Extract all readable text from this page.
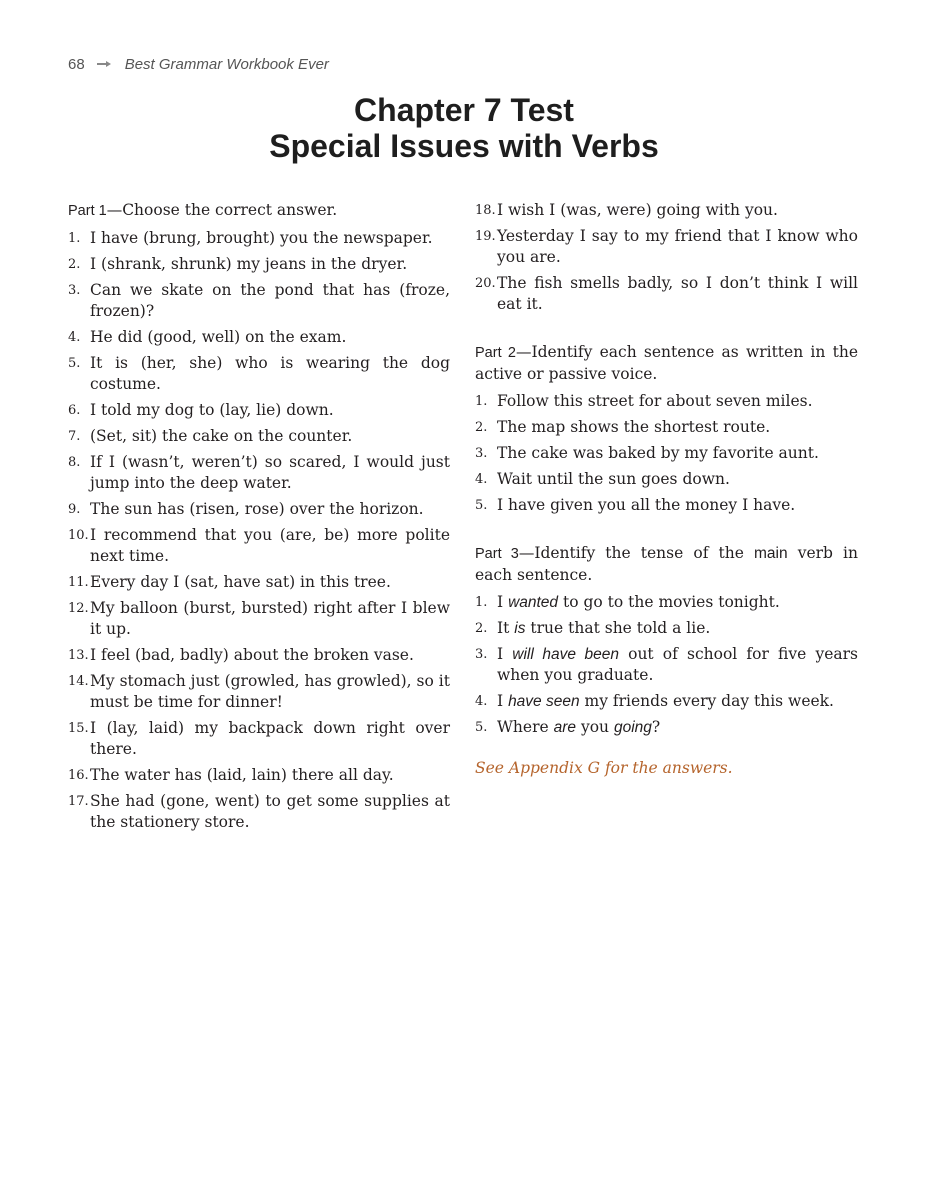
68	Best Grammar Workbook Ever
Chapter 7 Test
Special Issues with Verbs

Part 1—Choose the correct answer.

1. I have (brung, brought) you the newspaper.
2. I (shrank, shrunk) my jeans in the dryer.
3. Can we skate on the pond that has (froze, frozen)?
4. He did (good, well) on the exam.
5. It is (her, she) who is wearing the dog costume.
6. I told my dog to (lay, lie) down.
7. (Set, sit) the cake on the counter.
8. If I (wasn’t, weren’t) so scared, I would just jump into the deep water.
9. The sun has (risen, rose) over the horizon.
10. I recommend that you (are, be) more polite next time.
11. Every day I (sat, have sat) in this tree.
12. My balloon (burst, bursted) right after I blew it up.
13. I feel (bad, badly) about the broken vase.
14. My stomach just (growled, has growled), so it must be time for dinner!
15. I (lay, laid) my backpack down right over there.
16. The water has (laid, lain) there all day.
17. She had (gone, went) to get some supplies at the stationery store.
18. I wish I (was, were) going with you.
19. Yesterday I say to my friend that I know who you are.
20. The fish smells badly, so I don’t think I will eat it.

Part 2—Identify each sentence as written in the active or passive voice.

1. Follow this street for about seven miles.
2. The map shows the shortest route.
3. The cake was baked by my favorite aunt.
4. Wait until the sun goes down.
5. I have given you all the money I have.

Part 3—Identify the tense of the main verb in each sentence.

1. I wanted to go to the movies tonight.
2. It is true that she told a lie.
3. I will have been out of school for five years when you graduate.
4. I have seen my friends every day this week.
5. Where are you going?

See Appendix G for the answers.
